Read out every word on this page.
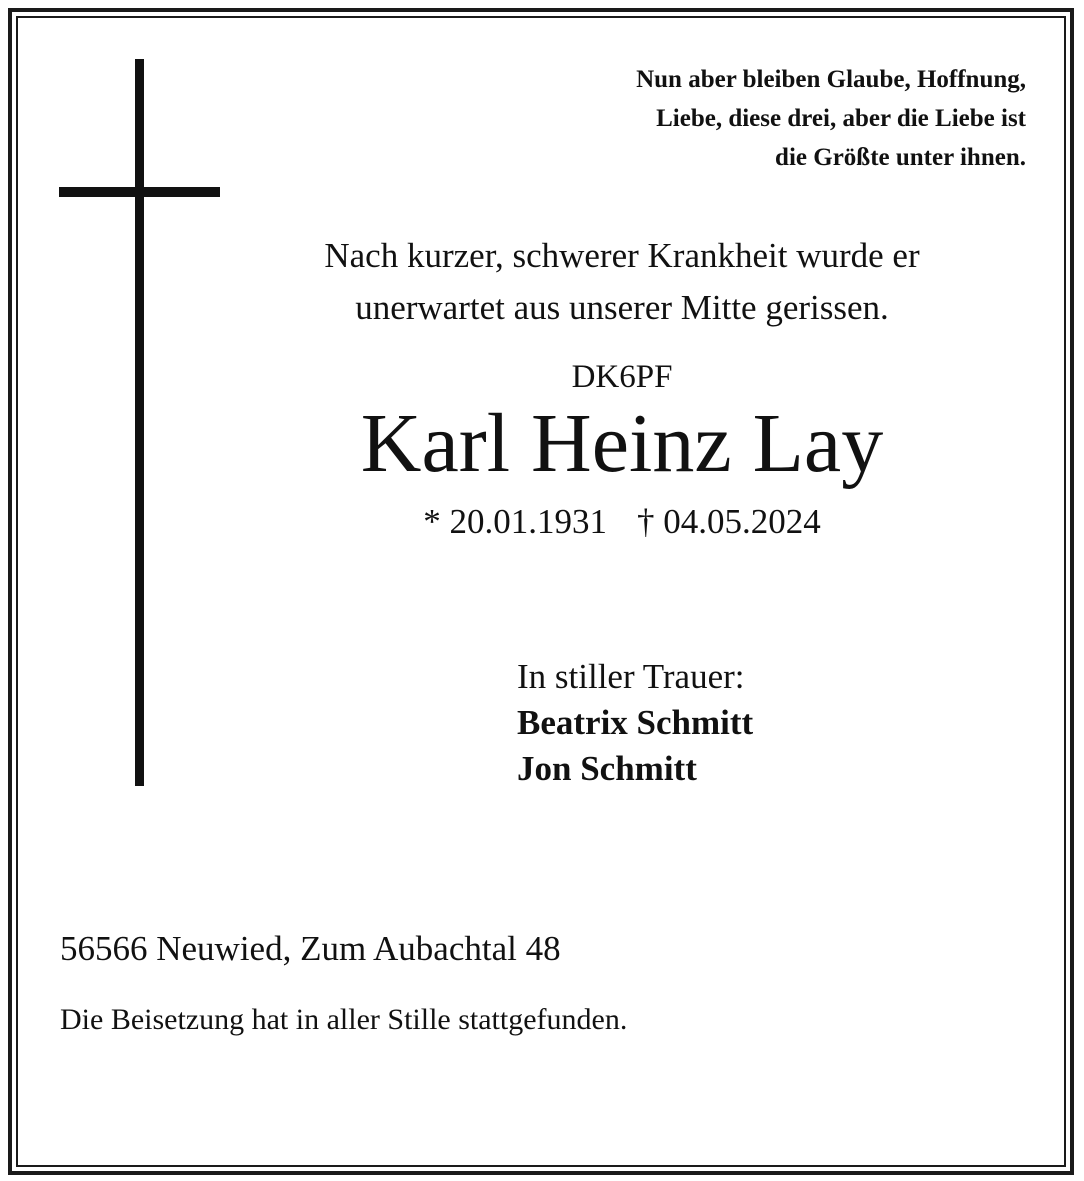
Nun aber bleiben Glaube, Hoffnung,
Liebe, diese drei, aber die Liebe ist
die Größte unter ihnen.
Nach kurzer, schwerer Krankheit wurde er
unerwartet aus unserer Mitte gerissen.
DK6PF
Karl Heinz Lay
* 20.01.1931 † 04.05.2024
In stiller Trauer:
Beatrix Schmitt
Jon Schmitt
56566 Neuwied, Zum Aubachtal 48
Die Beisetzung hat in aller Stille stattgefunden.
